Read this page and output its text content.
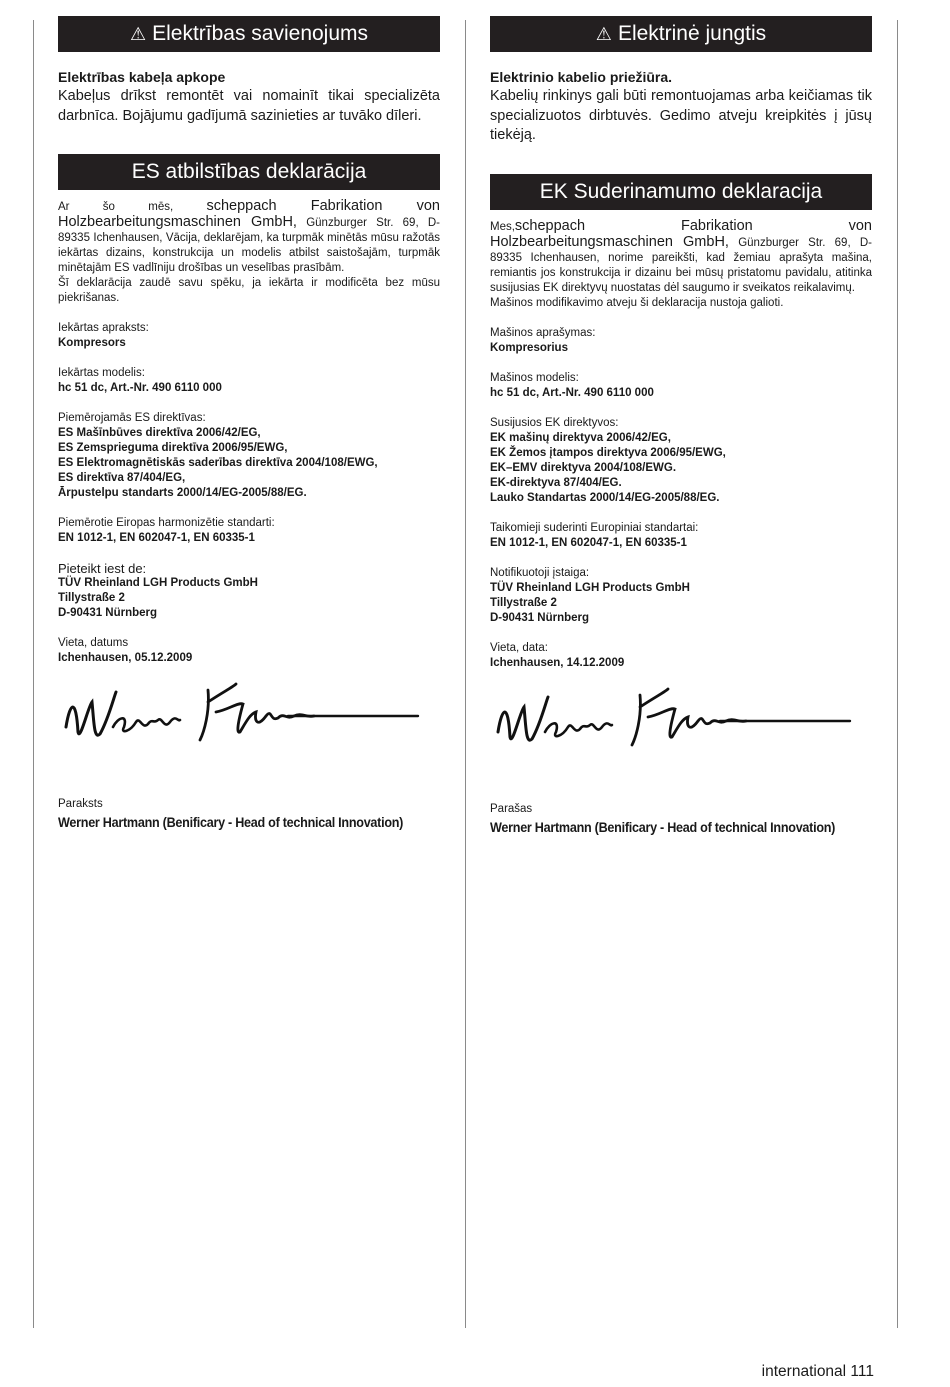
⚠ Elektrības savienojums

Elektrības kabeļa apkope

Kabeļus drīkst remontēt vai nomainīt tikai specializēta darbnīca. Bojājumu gadījumā sazinieties ar tuvāko dīleri.

ES atbilstības deklarācija

Ar šo mēs, scheppach Fabrikation von Holzbearbeitungsmaschinen GmbH, Günzburger Str. 69, D-89335 Ichenhausen, Vācija, deklarējam, ka turpmāk minētās mūsu ražotās iekārtas dizains, konstrukcija un modelis atbilst saistošajām, turpmāk minētajām ES vadlīniju drošības un veselības prasībām.
Šī deklarācija zaudē savu spēku, ja iekārta ir modificēta bez mūsu piekrišanas.

Iekārtas apraksts:

Kompresors

Iekārtas modelis:

hc 51 dc, Art.-Nr. 490 6110 000

Piemērojamās ES direktīvas:

ES Mašīnbūves direktīva 2006/42/EG,

ES Zemsprieguma direktīva 2006/95/EWG,

ES Elektromagnētiskās saderības direktīva 2004/108/EWG,

ES direktīva 87/404/EG,

Ārpustelpu standarts 2000/14/EG-2005/88/EG.

Piemērotie Eiropas harmonizētie standarti:

EN 1012-1, EN 602047-1, EN 60335-1

Pieteikt iest de:

TÜV Rheinland LGH Products GmbH

Tillystraße 2

D-90431 Nürnberg

Vieta, datums

Ichenhausen, 05.12.2009

Paraksts

Werner Hartmann (Benificary - Head of technical Innovation)

⚠ Elektrinė jungtis

Elektrinio kabelio priežiūra.

Kabelių rinkinys gali būti remontuojamas arba keičiamas tik specializuotos dirbtuvės. Gedimo atveju kreipkitės į jūsų tiekėją.

EK Suderinamumo deklaracija

Mes,scheppach Fabrikation von Holzbearbeitungsmaschinen GmbH, Günzburger Str. 69, D-89335 Ichenhausen, norime pareikšti, kad žemiau aprašyta mašina, remiantis jos konstrukcija ir dizainu bei mūsų pristatomu pavidalu, atitinka susijusias EK direktyvų nuostatas dėl saugumo ir sveikatos reikalavimų.
Mašinos modifikavimo atveju ši deklaracija nustoja galioti.

Mašinos aprašymas:

Kompresorius

Mašinos modelis:

hc 51 dc, Art.-Nr. 490 6110 000

Susijusios EK direktyvos:

EK mašinų direktyva 2006/42/EG,

EK Žemos įtampos direktyva 2006/95/EWG,

EK–EMV direktyva 2004/108/EWG.

EK-direktyva 87/404/EG.

Lauko Standartas 2000/14/EG-2005/88/EG.

Taikomieji suderinti Europiniai standartai:

EN 1012-1, EN 602047-1, EN 60335-1

Notifikuotoji įstaiga:

TÜV Rheinland LGH Products GmbH

Tillystraße 2

D-90431 Nürnberg

Vieta, data:

Ichenhausen, 14.12.2009

Parašas

Werner Hartmann (Benificary - Head of technical Innovation)

international 111
